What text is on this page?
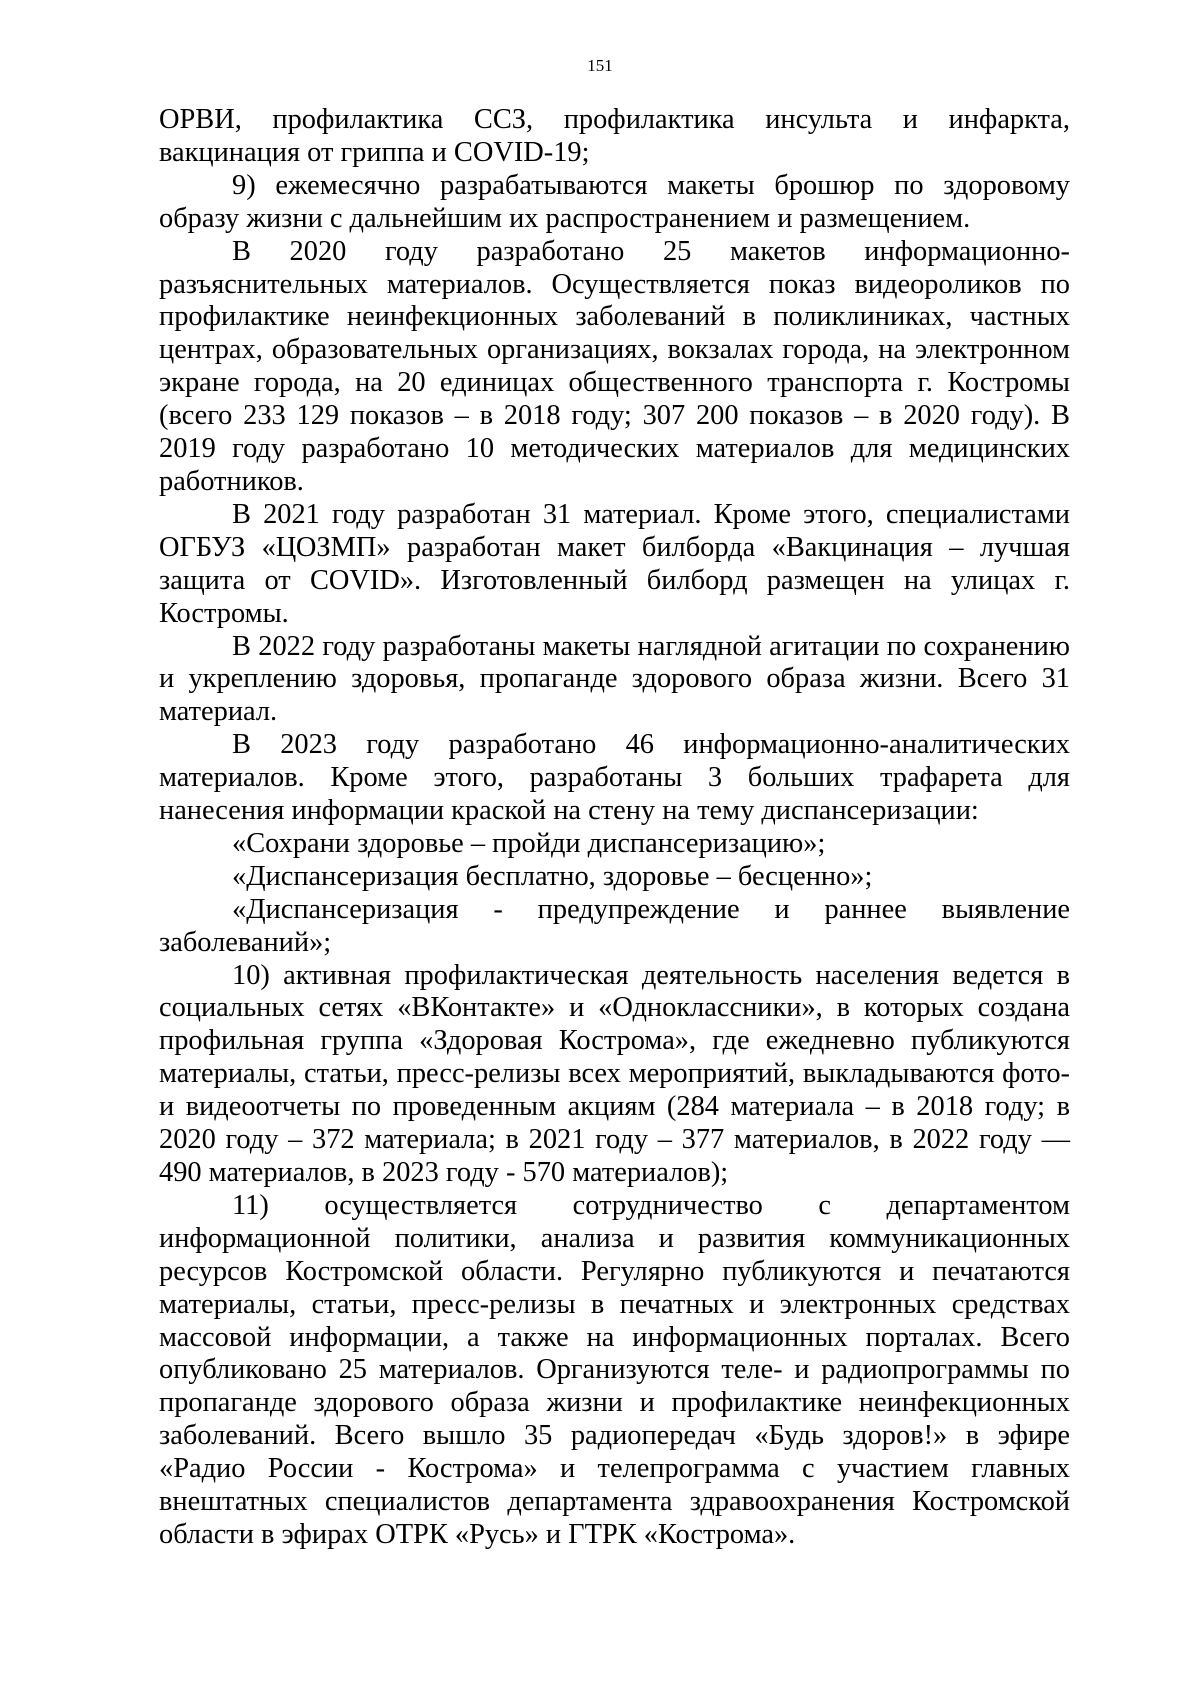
151

ОРВИ, профилактика ССЗ, профилактика инсульта и инфаркта, вакцинация от гриппа и COVID-19;

9) ежемесячно разрабатываются макеты брошюр по здоровому образу жизни с дальнейшим их распространением и размещением.

В 2020 году разработано 25 макетов информационно-разъяснительных материалов. Осуществляется показ видеороликов по профилактике неинфекционных заболеваний в поликлиниках, частных центрах, образовательных организациях, вокзалах города, на электронном экране города, на 20 единицах общественного транспорта г. Костромы (всего 233 129 показов – в 2018 году; 307 200 показов – в 2020 году). В 2019 году разработано 10 методических материалов для медицинских работников.

В 2021 году разработан 31 материал. Кроме этого, специалистами ОГБУЗ «ЦОЗМП» разработан макет билборда «Вакцинация – лучшая защита от COVID». Изготовленный билборд размещен на улицах г. Костромы.

В 2022 году разработаны макеты наглядной агитации по сохранению и укреплению здоровья, пропаганде здорового образа жизни. Всего 31 материал.

В 2023 году разработано 46 информационно-аналитических материалов. Кроме этого, разработаны 3 больших трафарета для нанесения информации краской на стену на тему диспансеризации:

«Сохрани здоровье – пройди диспансеризацию»;

«Диспансеризация бесплатно, здоровье – бесценно»;

«Диспансеризация - предупреждение и раннее выявление заболеваний»;

10) активная профилактическая деятельность населения ведется в социальных сетях «ВКонтакте» и «Одноклассники», в которых создана профильная группа «Здоровая Кострома», где ежедневно публикуются материалы, статьи, пресс-релизы всех мероприятий, выкладываются фото- и видеоотчеты по проведенным акциям (284 материала – в 2018 году; в 2020 году – 372 материала; в 2021 году – 377 материалов, в 2022 году — 490 материалов, в 2023 году - 570 материалов);

11) осуществляется сотрудничество с департаментом информационной политики, анализа и развития коммуникационных ресурсов Костромской области. Регулярно публикуются и печатаются материалы, статьи, пресс-релизы в печатных и электронных средствах массовой информации, а также на информационных порталах. Всего опубликовано 25 материалов. Организуются теле- и радиопрограммы по пропаганде здорового образа жизни и профилактике неинфекционных заболеваний. Всего вышло 35 радиопередач «Будь здоров!» в эфире «Радио России - Кострома» и телепрограмма с участием главных внештатных специалистов департамента здравоохранения Костромской области в эфирах ОТРК «Русь» и ГТРК «Кострома».
